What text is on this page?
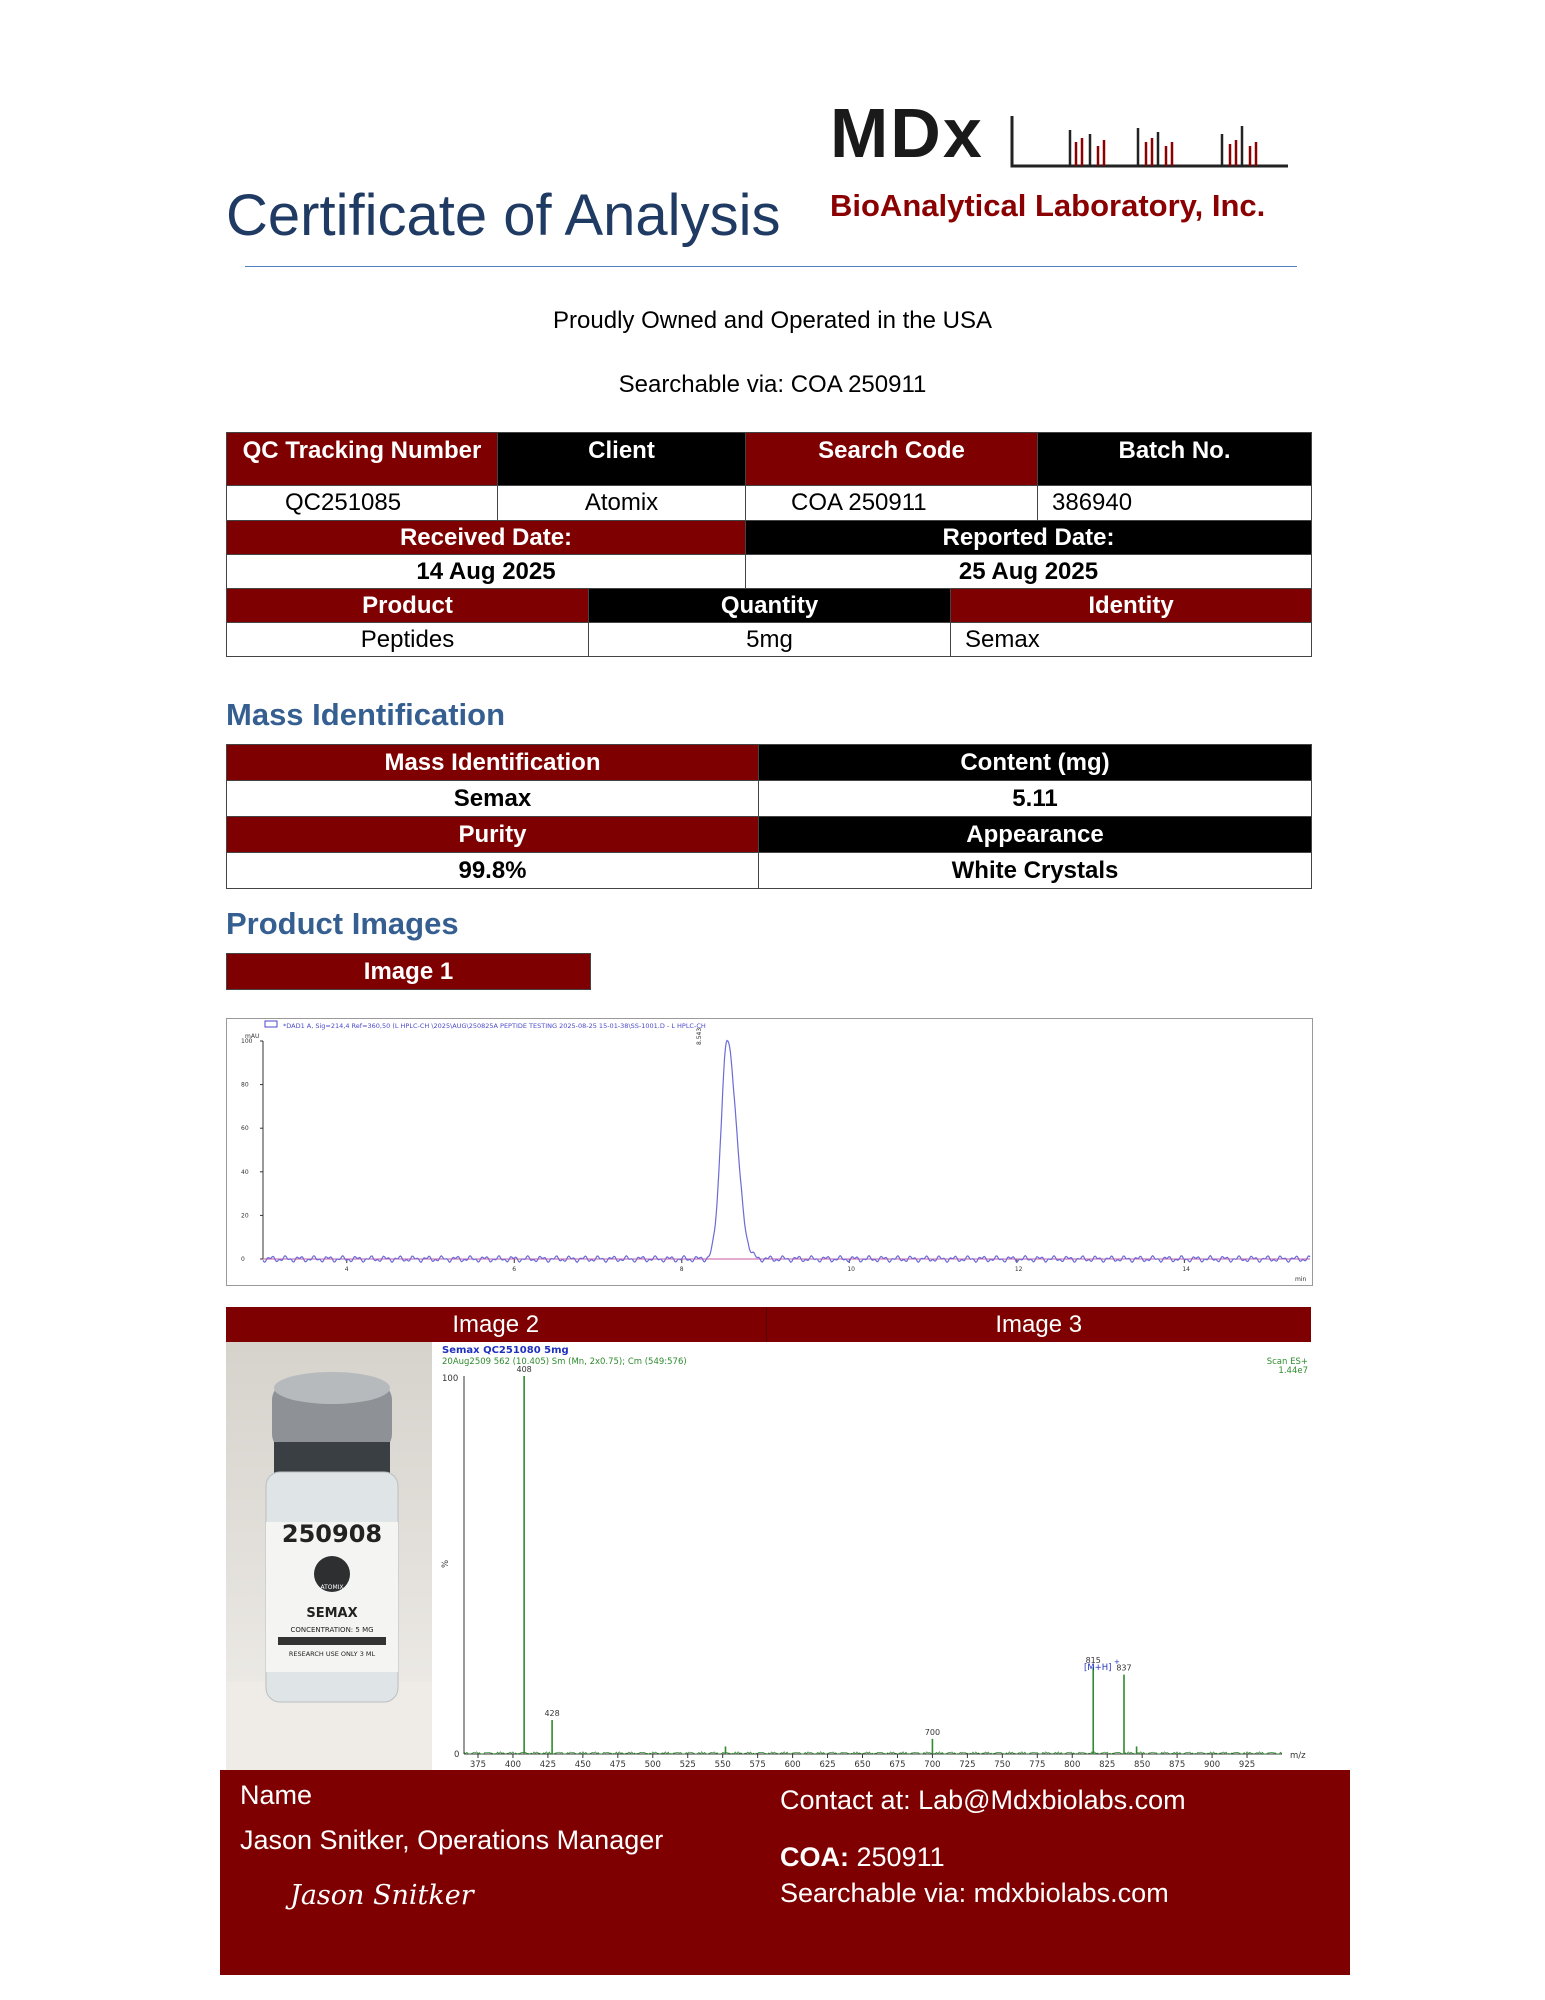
Certificate of Analysis
MDx
BioAnalytical Laboratory, Inc.
Proudly Owned and Operated in the USA
Searchable via: COA 250911
QC Tracking Number	Client	Search Code	Batch No.
QC251085	Atomix	COA 250911	386940
Received Date:	Reported Date:
14 Aug 2025	25 Aug 2025
Product	Quantity	Identity
Peptides	5mg	Semax
Mass Identification
Mass Identification	Content (mg)
Semax	5.11
Purity	Appearance
99.8%	White Crystals
Product Images
Image 1
*DAD1 A, Sig=214,4 Ref=360,50 (L HPLC-CH \2025\AUG\250825A PEPTIDE TESTING 2025-08-25 15-01-38\SS-1001.D - L HPLC-CH
mAU
100
80
60
40
20
0
4	6	8	10	12	14
8.543
min
Image 2	Image 3
250908
ATOMIX
SEMAX
CONCENTRATION: 5 MG
RESEARCH USE ONLY 3 ML
Semax QC251080 5mg
20Aug2509 562 (10.405) Sm (Mn, 2x0.75); Cm (549:576)	Scan ES+
1.44e7
100
0
%
375 400 425 450 475 500 525 550 575 600 625 650 675 700 725 750 775 800 825 850 875 900 925
408
428
700
815
837
[M+H]
+
m/z
Name
Jason Snitker, Operations Manager
Jason Snitker
Contact at: Lab@Mdxbiolabs.com
COA: 250911
Searchable via: mdxbiolabs.com
